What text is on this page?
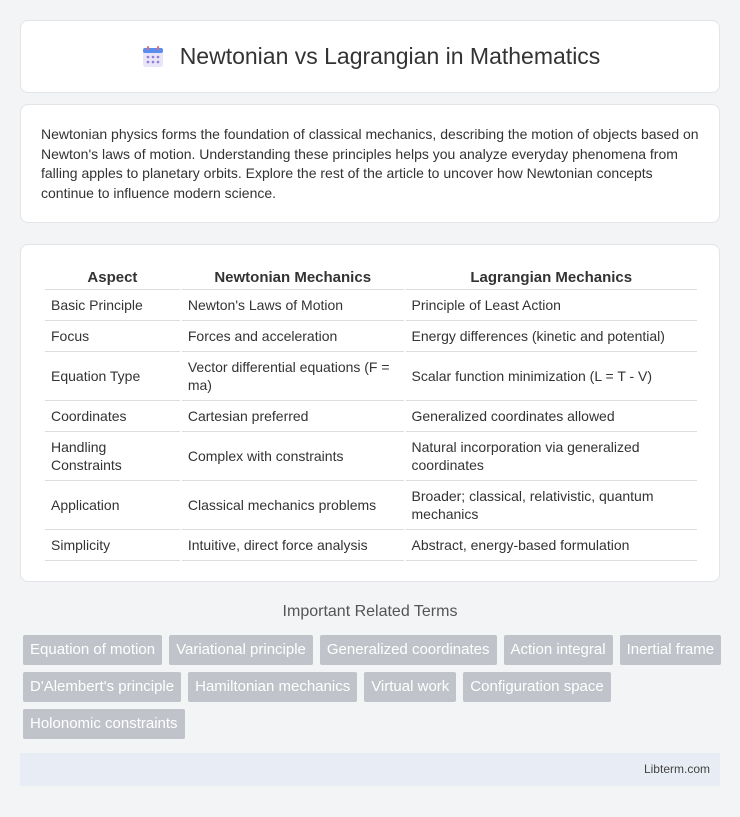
Newtonian vs Lagrangian in Mathematics

Newtonian physics forms the foundation of classical mechanics, describing the motion of objects based on Newton's laws of motion. Understanding these principles helps you analyze everyday phenomena from falling apples to planetary orbits. Explore the rest of the article to uncover how Newtonian concepts continue to influence modern science.

Aspect	Newtonian Mechanics	Lagrangian Mechanics
Basic Principle	Newton's Laws of Motion	Principle of Least Action
Focus	Forces and acceleration	Energy differences (kinetic and potential)
Equation Type	Vector differential equations (F = ma)	Scalar function minimization (L = T - V)
Coordinates	Cartesian preferred	Generalized coordinates allowed
Handling Constraints	Complex with constraints	Natural incorporation via generalized coordinates
Application	Classical mechanics problems	Broader; classical, relativistic, quantum mechanics
Simplicity	Intuitive, direct force analysis	Abstract, energy-based formulation
Important Related Terms
Equation of motion	Variational principle	Generalized coordinates	Action integral	Inertial frame
D'Alembert's principle	Hamiltonian mechanics	Virtual work	Configuration space
Holonomic constraints
Libterm.com
